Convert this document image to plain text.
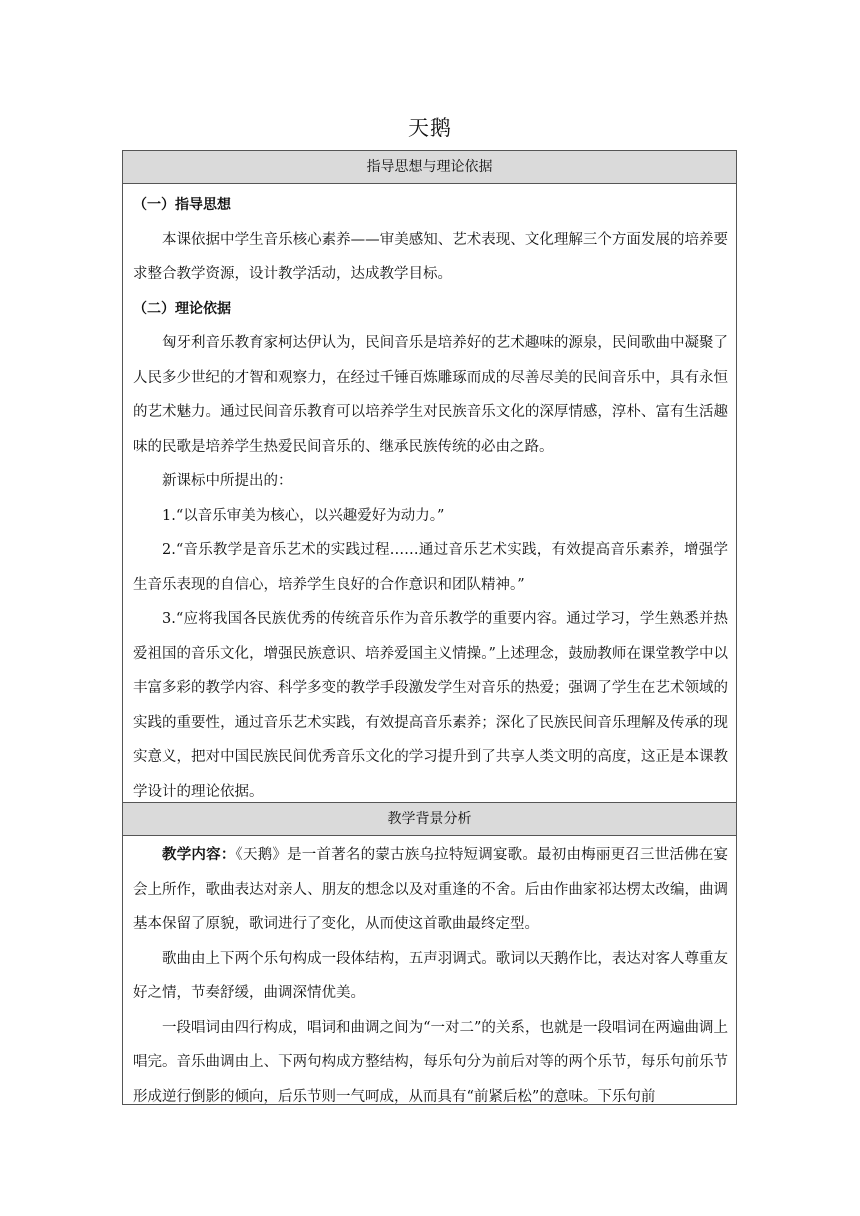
天鹅
指导思想与理论依据

（一）指导思想

本课依据中学生音乐核心素养——审美感知、艺术表现、文化理解三个方面发展的培养要求整合教学资源，设计教学活动，达成教学目标。

（二）理论依据

匈牙利音乐教育家柯达伊认为，民间音乐是培养好的艺术趣味的源泉，民间歌曲中凝聚了人民多少世纪的才智和观察力，在经过千锤百炼雕琢而成的尽善尽美的民间音乐中，具有永恒的艺术魅力。通过民间音乐教育可以培养学生对民族音乐文化的深厚情感，淳朴、富有生活趣味的民歌是培养学生热爱民间音乐的、继承民族传统的必由之路。

新课标中所提出的：

1.“以音乐审美为核心，以兴趣爱好为动力。”

2.“音乐教学是音乐艺术的实践过程……通过音乐艺术实践，有效提高音乐素养，增强学生音乐表现的自信心，培养学生良好的合作意识和团队精神。”

3.“应将我国各民族优秀的传统音乐作为音乐教学的重要内容。通过学习，学生熟悉并热爱祖国的音乐文化，增强民族意识、培养爱国主义情操。”上述理念，鼓励教师在课堂教学中以丰富多彩的教学内容、科学多变的教学手段激发学生对音乐的热爱；强调了学生在艺术领域的实践的重要性，通过音乐艺术实践，有效提高音乐素养；深化了民族民间音乐理解及传承的现实意义，把对中国民族民间优秀音乐文化的学习提升到了共享人类文明的高度，这正是本课教学设计的理论依据。

教学背景分析

教学内容：《天鹅》是一首著名的蒙古族乌拉特短调宴歌。最初由梅丽更召三世活佛在宴会上所作，歌曲表达对亲人、朋友的想念以及对重逢的不舍。后由作曲家祁达楞太改编，曲调基本保留了原貌，歌词进行了变化，从而使这首歌曲最终定型。

歌曲由上下两个乐句构成一段体结构，五声羽调式。歌词以天鹅作比，表达对客人尊重友好之情，节奏舒缓，曲调深情优美。

一段唱词由四行构成，唱词和曲调之间为“一对二”的关系，也就是一段唱词在两遍曲调上唱完。音乐曲调由上、下两句构成方整结构，每乐句分为前后对等的两个乐节，每乐句前乐节形成逆行倒影的倾向，后乐节则一气呵成，从而具有“前紧后松”的意味。下乐句前
